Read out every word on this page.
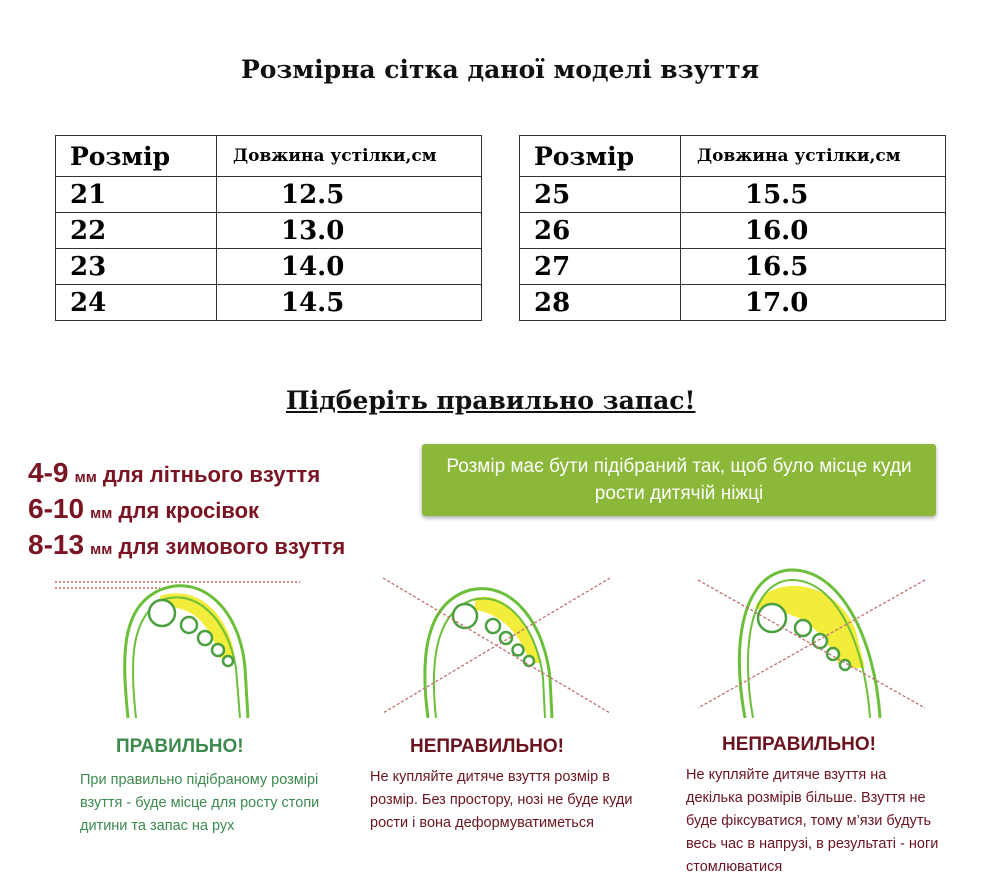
Розмірна сітка даної моделі взуття
Розмір	Довжина устілки,см
21	12.5
22	13.0
23	14.0
24	14.5
Розмір	Довжина устілки,см
25	15.5
26	16.0
27	16.5
28	17.0
Підберіть правильно запас!
4-9 мм для літнього взуття
6-10 мм для кросівок
8-13 мм для зимового взуття
Розмір має бути підібраний так, щоб було місце куди рости дитячій ніжці
ПРАВИЛЬНО!	НЕПРАВИЛЬНО!	НЕПРАВИЛЬНО!
При правильно підібраному розмірі взуття - буде місце для росту стопи дитини та запас на рух
Не купляйте дитяче взуття розмір в розмір. Без простору, нозі не буде куди рости і вона деформуватиметься
Не купляйте дитяче взуття на декілька розмірів більше. Взуття не буде фіксуватися, тому м’язи будуть весь час в напрузі, в результаті - ноги стомлюватися
